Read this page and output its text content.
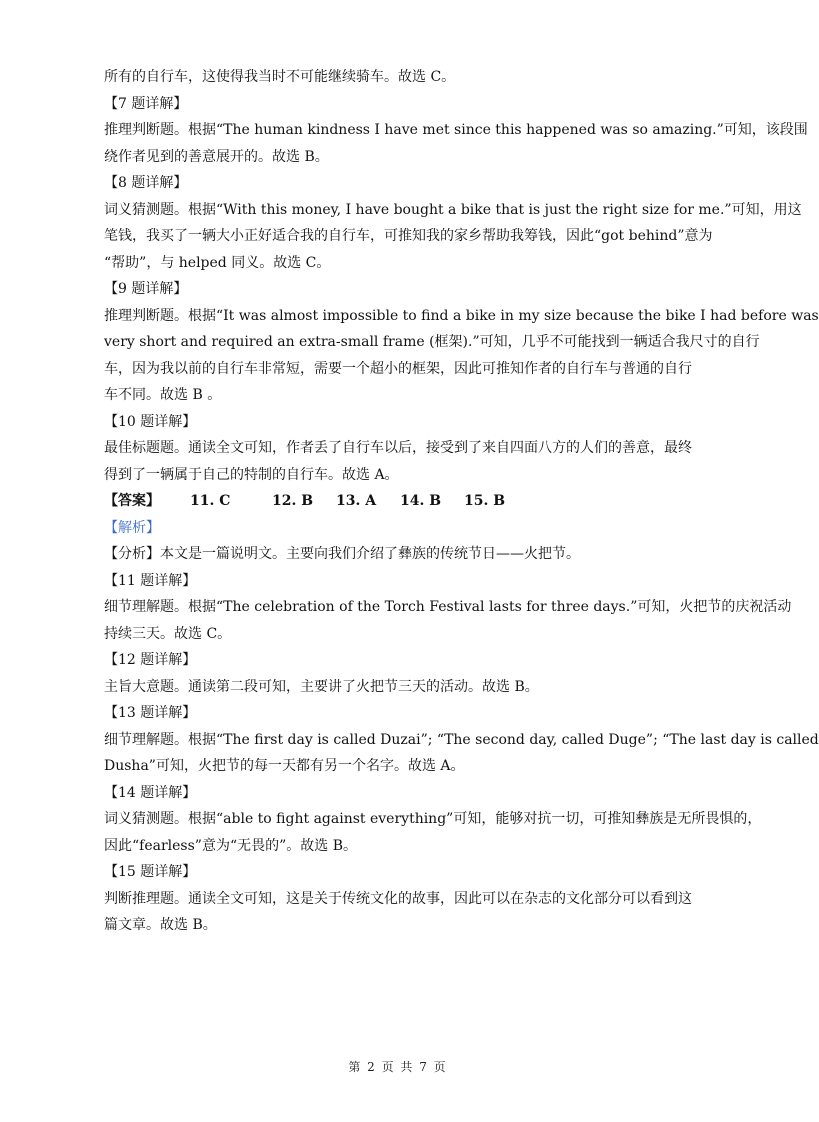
所有的自行车，这使得我当时不可能继续骑车。故选 C。
【7 题详解】
推理判断题。根据“The human kindness I have met since this happened was so amazing.”可知，该段围
绕作者见到的善意展开的。故选 B。
【8 题详解】
词义猜测题。根据“With this money, I have bought a bike that is just the right size for me.”可知，用这
笔钱，我买了一辆大小正好适合我的自行车，可推知我的家乡帮助我筹钱，因此“got behind”意为
“帮助”，与 helped 同义。故选 C。
【9 题详解】
推理判断题。根据“It was almost impossible to find a bike in my size because the bike I had before was
very short and required an extra-small frame (框架).”可知，几乎不可能找到一辆适合我尺寸的自行
车，因为我以前的自行车非常短，需要一个超小的框架，因此可推知作者的自行车与普通的自行
车不同。故选 B 。
【10 题详解】
最佳标题题。通读全文可知，作者丢了自行车以后，接受到了来自四面八方的人们的善意，最终
得到了一辆属于自己的特制的自行车。故选 A。
【答案】 11. C	12. B 13. A 14. B 15. B
【解析】
【分析】本文是一篇说明文。主要向我们介绍了彝族的传统节日——火把节。
【11 题详解】
细节理解题。根据“The celebration of the Torch Festival lasts for three days.”可知，火把节的庆祝活动
持续三天。故选 C。
【12 题详解】
主旨大意题。通读第二段可知，主要讲了火把节三天的活动。故选 B。
【13 题详解】
细节理解题。根据“The first day is called Duzai”; “The second day, called Duge”; “The last day is called
Dusha”可知，火把节的每一天都有另一个名字。故选 A。
【14 题详解】
词义猜测题。根据“able to fight against everything”可知，能够对抗一切，可推知彝族是无所畏惧的，
因此“fearless”意为“无畏的”。故选 B。
【15 题详解】
判断推理题。通读全文可知，这是关于传统文化的故事，因此可以在杂志的文化部分可以看到这
篇文章。故选 B。
第 2 页 共 7 页
